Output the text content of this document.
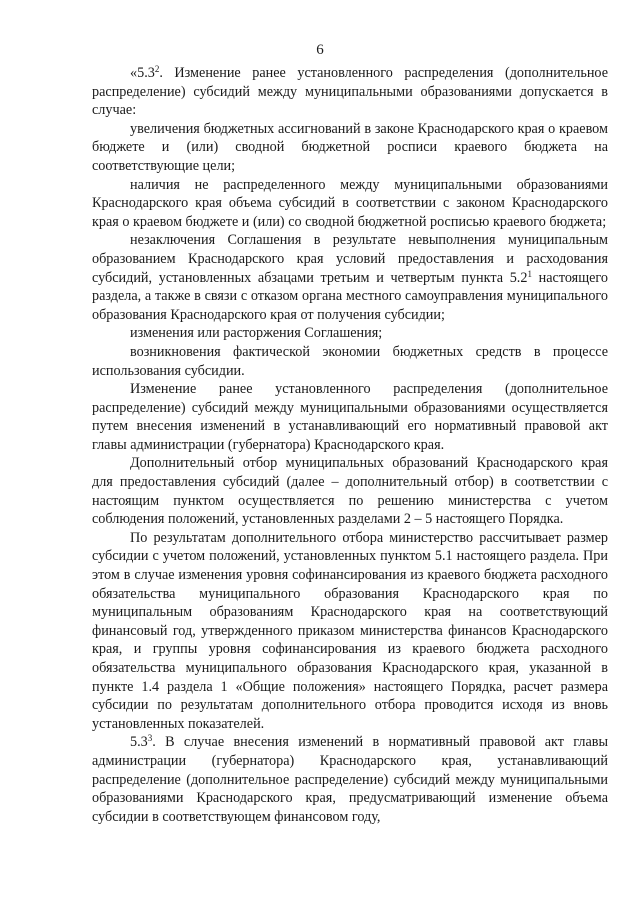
6

«$5.3^2$. Изменение ранее установленного распределения (дополнительное распределение) субсидий между муниципальными образованиями допускается в случае:

увеличения бюджетных ассигнований в законе Краснодарского края о краевом бюджете и (или) сводной бюджетной росписи краевого бюджета на соответствующие цели;

наличия не распределенного между муниципальными образованиями Краснодарского края объема субсидий в соответствии с законом Краснодарского края о краевом бюджете и (или) со сводной бюджетной росписью краевого бюджета;

незаключения Соглашения в результате невыполнения муниципальным образованием Краснодарского края условий предоставления и расходования субсидий, установленных абзацами третьим и четвертым пункта $5.2^1$ настоящего раздела, а также в связи с отказом органа местного самоуправления муниципального образования Краснодарского края от получения субсидии;

изменения или расторжения Соглашения;

возникновения фактической экономии бюджетных средств в процессе использования субсидии.

Изменение ранее установленного распределения (дополнительное распределение) субсидий между муниципальными образованиями осуществляется путем внесения изменений в устанавливающий его нормативный правовой акт главы администрации (губернатора) Краснодарского края.

Дополнительный отбор муниципальных образований Краснодарского края для предоставления субсидий (далее – дополнительный отбор) в соответствии с настоящим пунктом осуществляется по решению министерства с учетом соблюдения положений, установленных разделами 2 – 5 настоящего Порядка.

По результатам дополнительного отбора министерство рассчитывает размер субсидии с учетом положений, установленных пунктом 5.1 настоящего раздела. При этом в случае изменения уровня софинансирования из краевого бюджета расходного обязательства муниципального образования Краснодарского края по муниципальным образованиям Краснодарского края на соответствующий финансовый год, утвержденного приказом министерства финансов Краснодарского края, и группы уровня софинансирования из краевого бюджета расходного обязательства муниципального образования Краснодарского края, указанной в пункте 1.4 раздела 1 «Общие положения» настоящего Порядка, расчет размера субсидии по результатам дополнительного отбора проводится исходя из вновь установленных показателей.

$5.3^3$. В случае внесения изменений в нормативный правовой акт главы администрации (губернатора) Краснодарского края, устанавливающий распределение (дополнительное распределение) субсидий между муниципальными образованиями Краснодарского края, предусматривающий изменение объема субсидии в соответствующем финансовом году,
